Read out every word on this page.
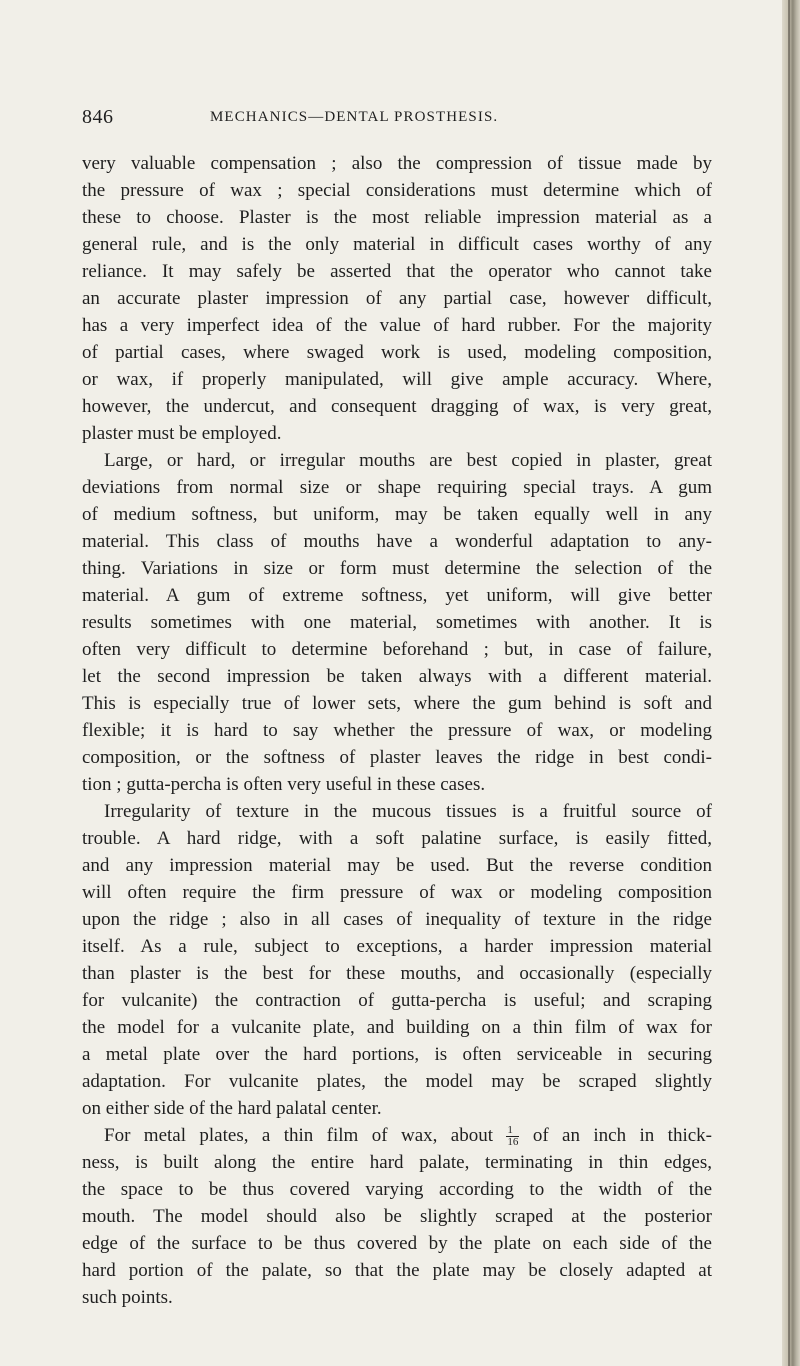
846	MECHANICS—DENTAL PROSTHESIS.
very valuable compensation ; also the compression of tissue made by
the pressure of wax ; special considerations must determine which of
these to choose. Plaster is the most reliable impression material as a
general rule, and is the only material in difficult cases worthy of any
reliance. It may safely be asserted that the operator who cannot take
an accurate plaster impression of any partial case, however difficult,
has a very imperfect idea of the value of hard rubber. For the majority
of partial cases, where swaged work is used, modeling composition,
or wax, if properly manipulated, will give ample accuracy. Where,
however, the undercut, and consequent dragging of wax, is very great,
plaster must be employed.
Large, or hard, or irregular mouths are best copied in plaster, great
deviations from normal size or shape requiring special trays. A gum
of medium softness, but uniform, may be taken equally well in any
material. This class of mouths have a wonderful adaptation to any-
thing. Variations in size or form must determine the selection of the
material. A gum of extreme softness, yet uniform, will give better
results sometimes with one material, sometimes with another. It is
often very difficult to determine beforehand ; but, in case of failure,
let the second impression be taken always with a different material.
This is especially true of lower sets, where the gum behind is soft and
flexible; it is hard to say whether the pressure of wax, or modeling
composition, or the softness of plaster leaves the ridge in best condi-
tion ; gutta-percha is often very useful in these cases.
Irregularity of texture in the mucous tissues is a fruitful source of
trouble. A hard ridge, with a soft palatine surface, is easily fitted,
and any impression material may be used. But the reverse condition
will often require the firm pressure of wax or modeling composition
upon the ridge ; also in all cases of inequality of texture in the ridge
itself. As a rule, subject to exceptions, a harder impression material
than plaster is the best for these mouths, and occasionally (especially
for vulcanite) the contraction of gutta-percha is useful; and scraping
the model for a vulcanite plate, and building on a thin film of wax for
a metal plate over the hard portions, is often serviceable in securing
adaptation. For vulcanite plates, the model may be scraped slightly
on either side of the hard palatal center.
For metal plates, a thin film of wax, about $\frac{1}{16}$ of an inch in thick-
ness, is built along the entire hard palate, terminating in thin edges,
the space to be thus covered varying according to the width of the
mouth. The model should also be slightly scraped at the posterior
edge of the surface to be thus covered by the plate on each side of the
hard portion of the palate, so that the plate may be closely adapted at
such points.
